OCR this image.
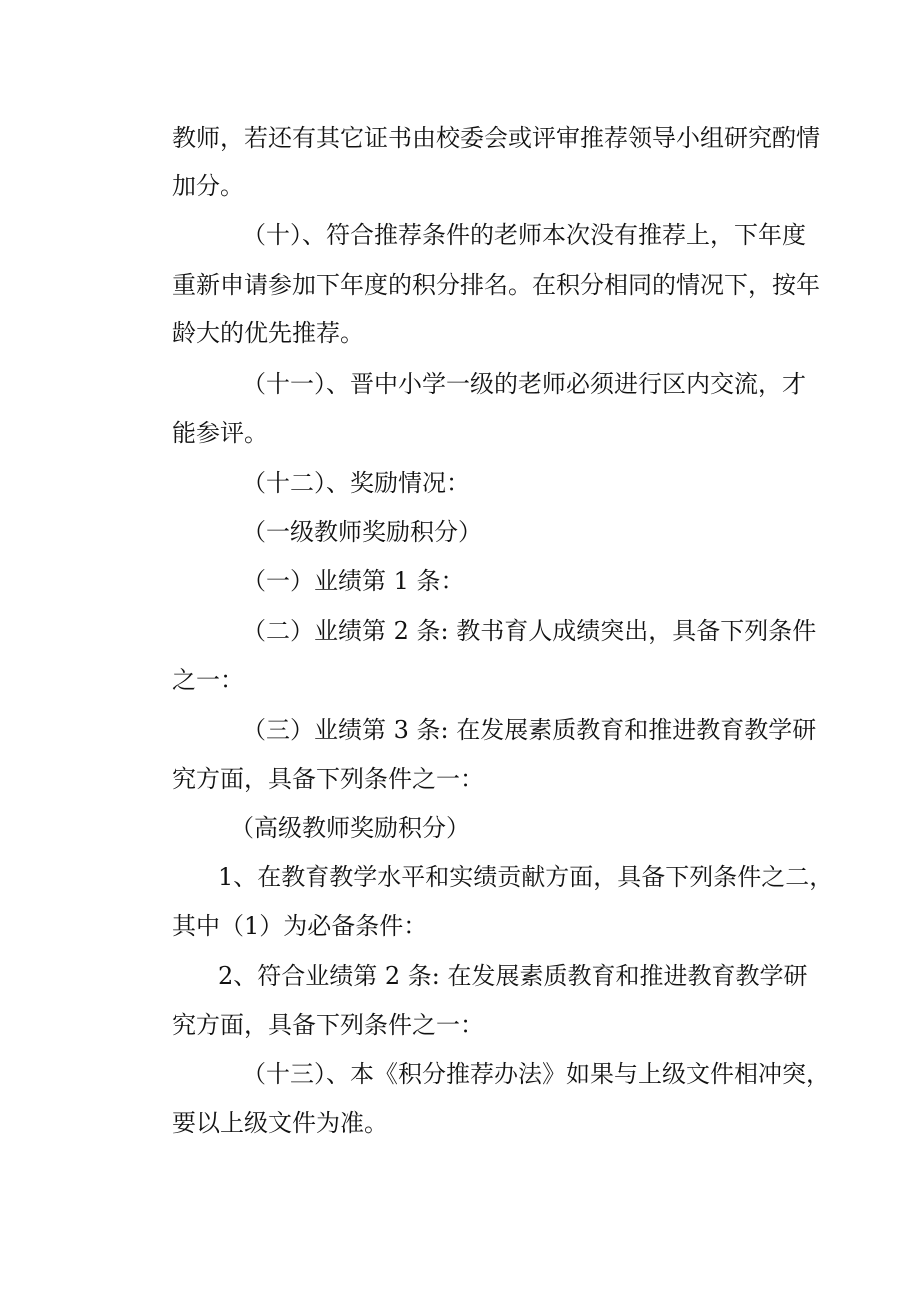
教师，若还有其它证书由校委会或评审推荐领导小组研究酌情
加分。
（十）、符合推荐条件的老师本次没有推荐上，下年度
重新申请参加下年度的积分排名。在积分相同的情况下，按年
龄大的优先推荐。
（十一）、晋中小学一级的老师必须进行区内交流，才
能参评。
（十二）、奖励情况：
（一级教师奖励积分）
（一）业绩第 1 条：
（二）业绩第 2 条: 教书育人成绩突出，具备下列条件
之一：
（三）业绩第 3 条: 在发展素质教育和推进教育教学研
究方面，具备下列条件之一：
（高级教师奖励积分）
1、在教育教学水平和实绩贡献方面，具备下列条件之二，
其中（1）为必备条件：
2、符合业绩第 2 条: 在发展素质教育和推进教育教学研
究方面，具备下列条件之一：
（十三）、本《积分推荐办法》如果与上级文件相冲突，
要以上级文件为准。
